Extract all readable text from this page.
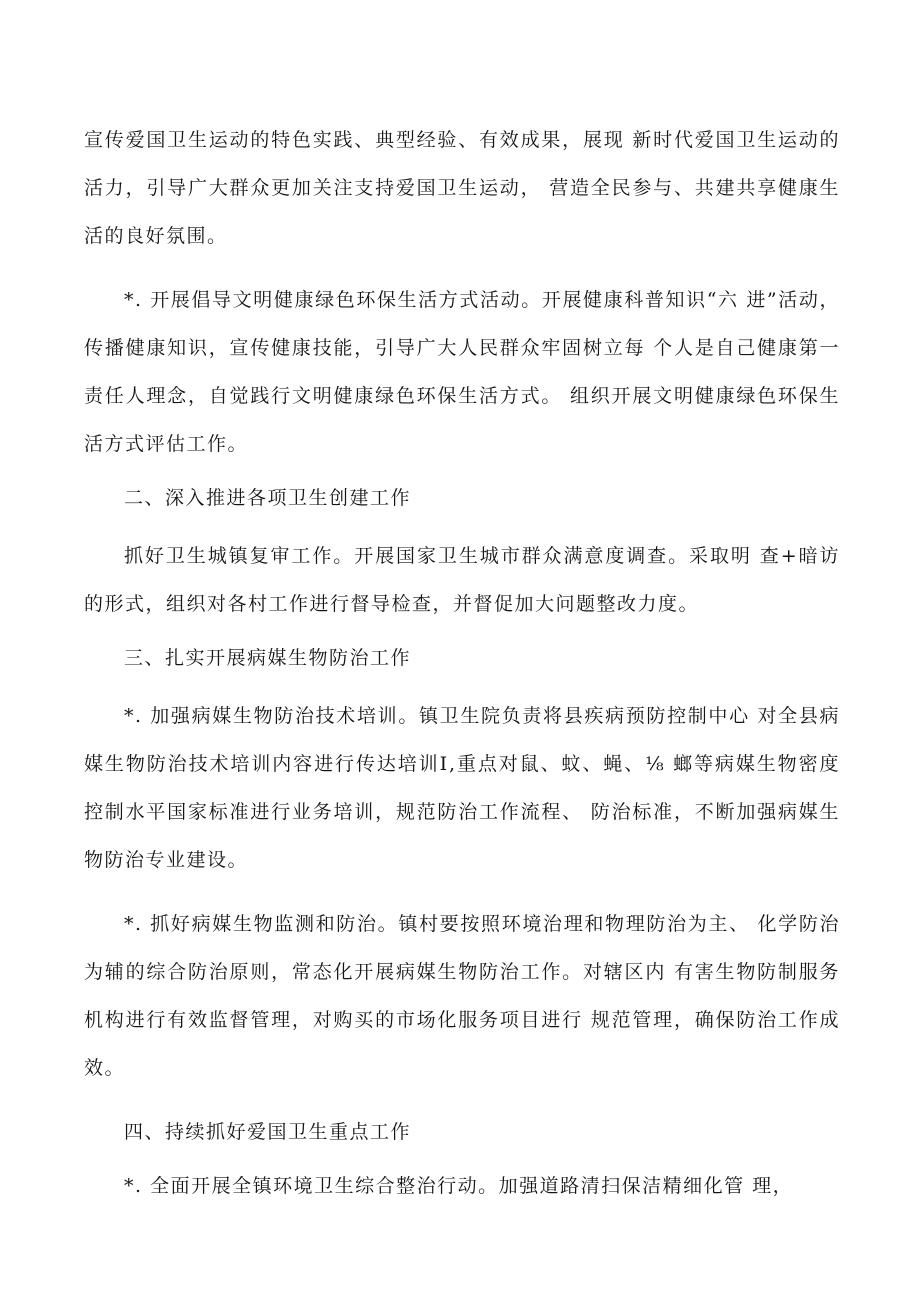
宣传爱国卫生运动的特色实践、典型经验、有效成果，展现 新时代爱国卫生运动的活力，引导广大群众更加关注支持爱国卫生运动， 营造全民参与、共建共享健康生活的良好氛围。

*. 开展倡导文明健康绿色环保生活方式活动。开展健康科普知识“六 进”活动，传播健康知识，宣传健康技能，引导广大人民群众牢固树立每 个人是自己健康第一责任人理念，自觉践行文明健康绿色环保生活方式。 组织开展文明健康绿色环保生活方式评估工作。

二、深入推进各项卫生创建工作

抓好卫生城镇复审工作。开展国家卫生城市群众满意度调查。采取明 查+暗访的形式，组织对各村工作进行督导检查，并督促加大问题整改力度。

三、扎实开展病媒生物防治工作

*. 加强病媒生物防治技术培训。镇卫生院负责将县疾病预防控制中心 对全县病媒生物防治技术培训内容进行传达培训Ⅰ,重点对鼠、蚊、蝇、⅛ 螂等病媒生物密度控制水平国家标准进行业务培训，规范防治工作流程、 防治标准，不断加强病媒生物防治专业建设。

*. 抓好病媒生物监测和防治。镇村要按照环境治理和物理防治为主、 化学防治为辅的综合防治原则，常态化开展病媒生物防治工作。对辖区内 有害生物防制服务机构进行有效监督管理，对购买的市场化服务项目进行 规范管理，确保防治工作成效。

四、持续抓好爱国卫生重点工作

*. 全面开展全镇环境卫生综合整治行动。加强道路清扫保洁精细化管 理，
